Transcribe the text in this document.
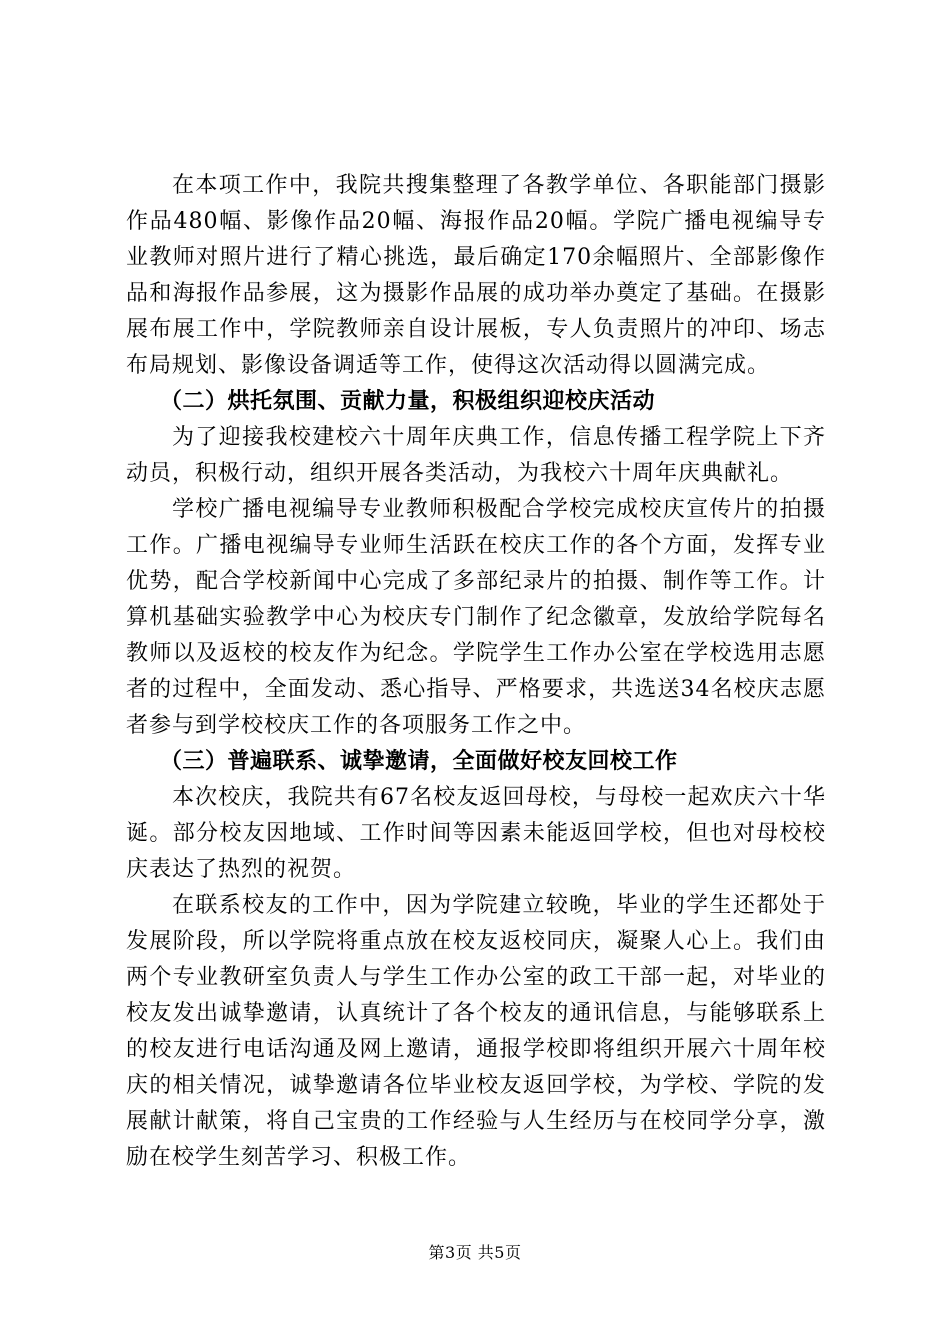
在本项工作中，我院共搜集整理了各教学单位、各职能部门摄影作品480幅、影像作品20幅、海报作品20幅。学院广播电视编导专业教师对照片进行了精心挑选，最后确定170余幅照片、全部影像作品和海报作品参展，这为摄影作品展的成功举办奠定了基础。在摄影展布展工作中，学院教师亲自设计展板，专人负责照片的冲印、场志布局规划、影像设备调适等工作，使得这次活动得以圆满完成。

（二）烘托氛围、贡献力量，积极组织迎校庆活动

为了迎接我校建校六十周年庆典工作，信息传播工程学院上下齐动员，积极行动，组织开展各类活动，为我校六十周年庆典献礼。

学校广播电视编导专业教师积极配合学校完成校庆宣传片的拍摄工作。广播电视编导专业师生活跃在校庆工作的各个方面，发挥专业优势，配合学校新闻中心完成了多部纪录片的拍摄、制作等工作。计算机基础实验教学中心为校庆专门制作了纪念徽章，发放给学院每名教师以及返校的校友作为纪念。学院学生工作办公室在学校选用志愿者的过程中，全面发动、悉心指导、严格要求，共选送34名校庆志愿者参与到学校校庆工作的各项服务工作之中。

（三）普遍联系、诚挚邀请，全面做好校友回校工作

本次校庆，我院共有67名校友返回母校，与母校一起欢庆六十华诞。部分校友因地域、工作时间等因素未能返回学校，但也对母校校庆表达了热烈的祝贺。

在联系校友的工作中，因为学院建立较晚，毕业的学生还都处于发展阶段，所以学院将重点放在校友返校同庆，凝聚人心上。我们由两个专业教研室负责人与学生工作办公室的政工干部一起，对毕业的校友发出诚挚邀请，认真统计了各个校友的通讯信息，与能够联系上的校友进行电话沟通及网上邀请，通报学校即将组织开展六十周年校庆的相关情况，诚挚邀请各位毕业校友返回学校，为学校、学院的发展献计献策，将自己宝贵的工作经验与人生经历与在校同学分享，激励在校学生刻苦学习、积极工作。

第3页 共5页
